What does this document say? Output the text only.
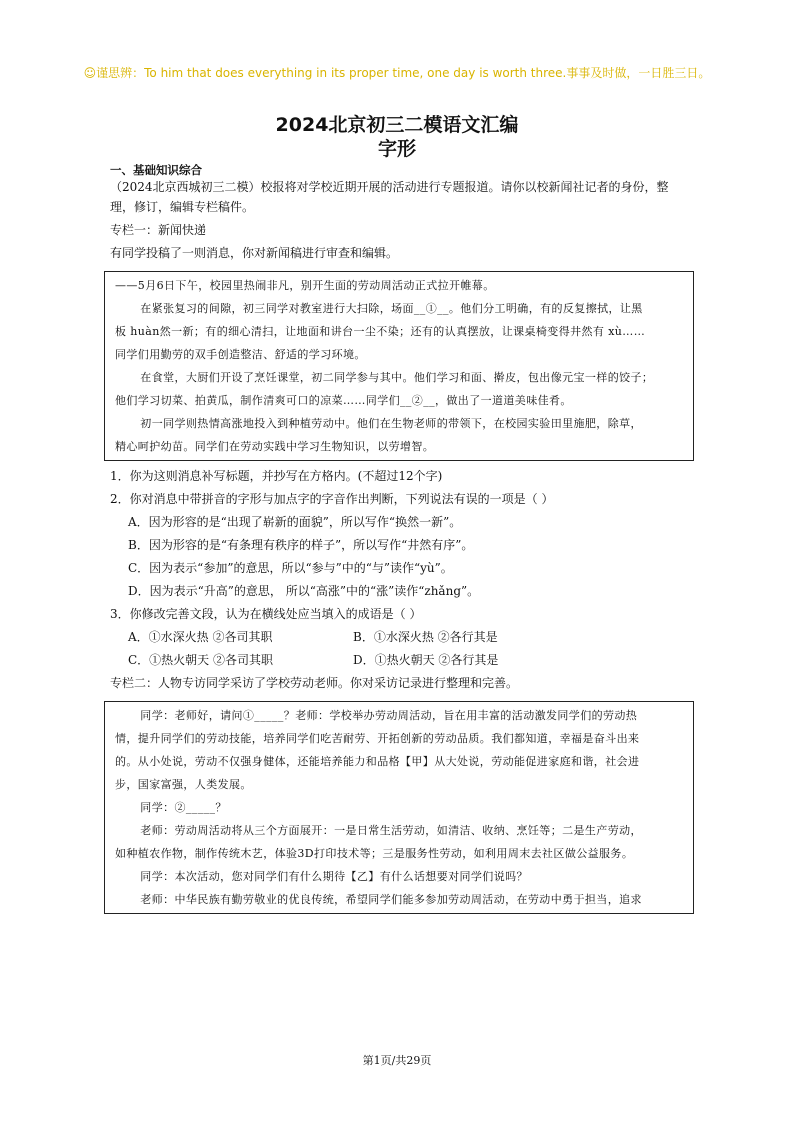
☺谨思辨：To him that does everything in its proper time, one day is worth three.事事及时做，一日胜三日。
2024北京初三二模语文汇编
字形
一、基础知识综合

（2024北京西城初三二模）校报将对学校近期开展的活动进行专题报道。请你以校新闻社记者的身份，整

理，修订，编辑专栏稿件。

专栏一：新闻快递

有同学投稿了一则消息，你对新闻稿进行审查和编辑。

——5月6日下午，校园里热闹非凡，别开生面的劳动周活动正式拉开帷幕。

在紧张复习的间隙，初三同学对教室进行大扫除，场面__①__。他们分工明确，有的反复擦拭，让黑

板 huàn然一新；有的细心清扫，让地面和讲台一尘不染；还有的认真摆放，让课桌椅变得井然有 xù……

同学们用勤劳的双手创造整洁、舒适的学习环境。

在食堂，大厨们开设了烹饪课堂，初二同学参与其中。他们学习和面、擀皮，包出像元宝一样的饺子；

他们学习切菜、拍黄瓜，制作清爽可口的凉菜……同学们__②__，做出了一道道美味佳肴。

初一同学则热情高涨地投入到种植劳动中。他们在生物老师的带领下，在校园实验田里施肥，除草，

精心呵护幼苗。同学们在劳动实践中学习生物知识，以劳增智。

1．你为这则消息补写标题，并抄写在方格内。(不超过12个字)

2．你对消息中带拼音的字形与加点字的字音作出判断，下列说法有误的一项是（ ）

A．因为形容的是“出现了崭新的面貌”，所以写作“换然一新”。

B．因为形容的是“有条理有秩序的样子”，所以写作“井然有序”。

C．因为表示“参加”的意思，所以“参与”中的“与”读作“yù”。

D．因为表示“升高”的意思， 所以“高涨”中的“涨”读作“zhǎng”。

3．你修改完善文段，认为在横线处应当填入的成语是（ ）

A．①水深火热 ②各司其职	B．①水深火热 ②各行其是
C．①热火朝天 ②各司其职	D．①热火朝天 ②各行其是

专栏二：人物专访同学采访了学校劳动老师。你对采访记录进行整理和完善。

同学：老师好，请问①_____？老师：学校举办劳动周活动，旨在用丰富的活动激发同学们的劳动热

情，提升同学们的劳动技能，培养同学们吃苦耐劳、开拓创新的劳动品质。我们都知道，幸福是奋斗出来

的。从小处说，劳动不仅强身健体，还能培养能力和品格【甲】从大处说，劳动能促进家庭和谐，社会进

步，国家富强，人类发展。

同学：②_____？

老师：劳动周活动将从三个方面展开：一是日常生活劳动，如清洁、收纳、烹饪等；二是生产劳动，

如种植农作物，制作传统木艺，体验3D打印技术等；三是服务性劳动，如利用周末去社区做公益服务。

同学：本次活动，您对同学们有什么期待【乙】有什么话想要对同学们说吗？

老师：中华民族有勤劳敬业的优良传统，希望同学们能多参加劳动周活动，在劳动中勇于担当，追求

第1页/共29页
